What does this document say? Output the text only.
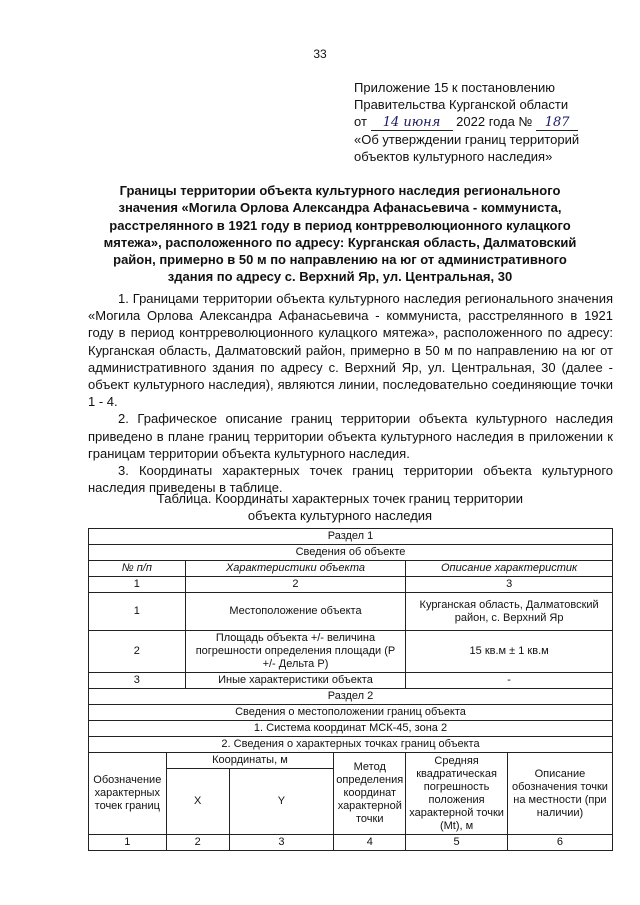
33
Приложение 15 к постановлению
Правительства Курганской области
от 14 июня 2022 года № 187
«Об утверждении границ территорий
объектов культурного наследия»
Границы территории объекта культурного наследия регионального
значения «Могила Орлова Александра Афанасьевича - коммуниста,
расстрелянного в 1921 году в период контрреволюционного кулацкого
мятежа», расположенного по адресу: Курганская область, Далматовский
район, примерно в 50 м по направлению на юг от административного
здания по адресу с. Верхний Яр, ул. Центральная, 30

1. Границами территории объекта культурного наследия регионального значения «Могила Орлова Александра Афанасьевича - коммуниста, расстрелянного в 1921 году в период контрреволюционного кулацкого мятежа», расположенного по адресу: Курганская область, Далматовский район, примерно в 50 м по направлению на юг от административного здания по адресу с. Верхний Яр, ул. Центральная, 30 (далее - объект культурного наследия), являются линии, последовательно соединяющие точки 1 - 4.

2. Графическое описание границ территории объекта культурного наследия приведено в плане границ территории объекта культурного наследия в приложении к границам территории объекта культурного наследия.

3. Координаты характерных точек границ территории объекта культурного наследия приведены в таблице.

Таблица. Координаты характерных точек границ территории
объекта культурного наследия
Раздел 1						
Сведения об объекте						
№ п/п		Характеристики объекта			Описание характеристик	
1		2			3	
1		Местоположение объекта			Курганская область, Далматовский район, с. Верхний Яр	
2		Площадь объекта +/- величина погрешности определения площади (Р +/- Дельта Р)			15 кв.м ± 1 кв.м	
3		Иные характеристики объекта			-	
Раздел 2						
Сведения о местоположении границ объекта						
1. Система координат МСК-45, зона 2						
2. Сведения о характерных точках границ объекта						
Обозначение характерных точек границ	Координаты, м			Метод определения координат характерной точки	Средняя квадратическая погрешность положения характерной точки (Mt), м	Описание обозначения точки на местности (при наличии)
	X		Y			
1	2		3	4	5	6
